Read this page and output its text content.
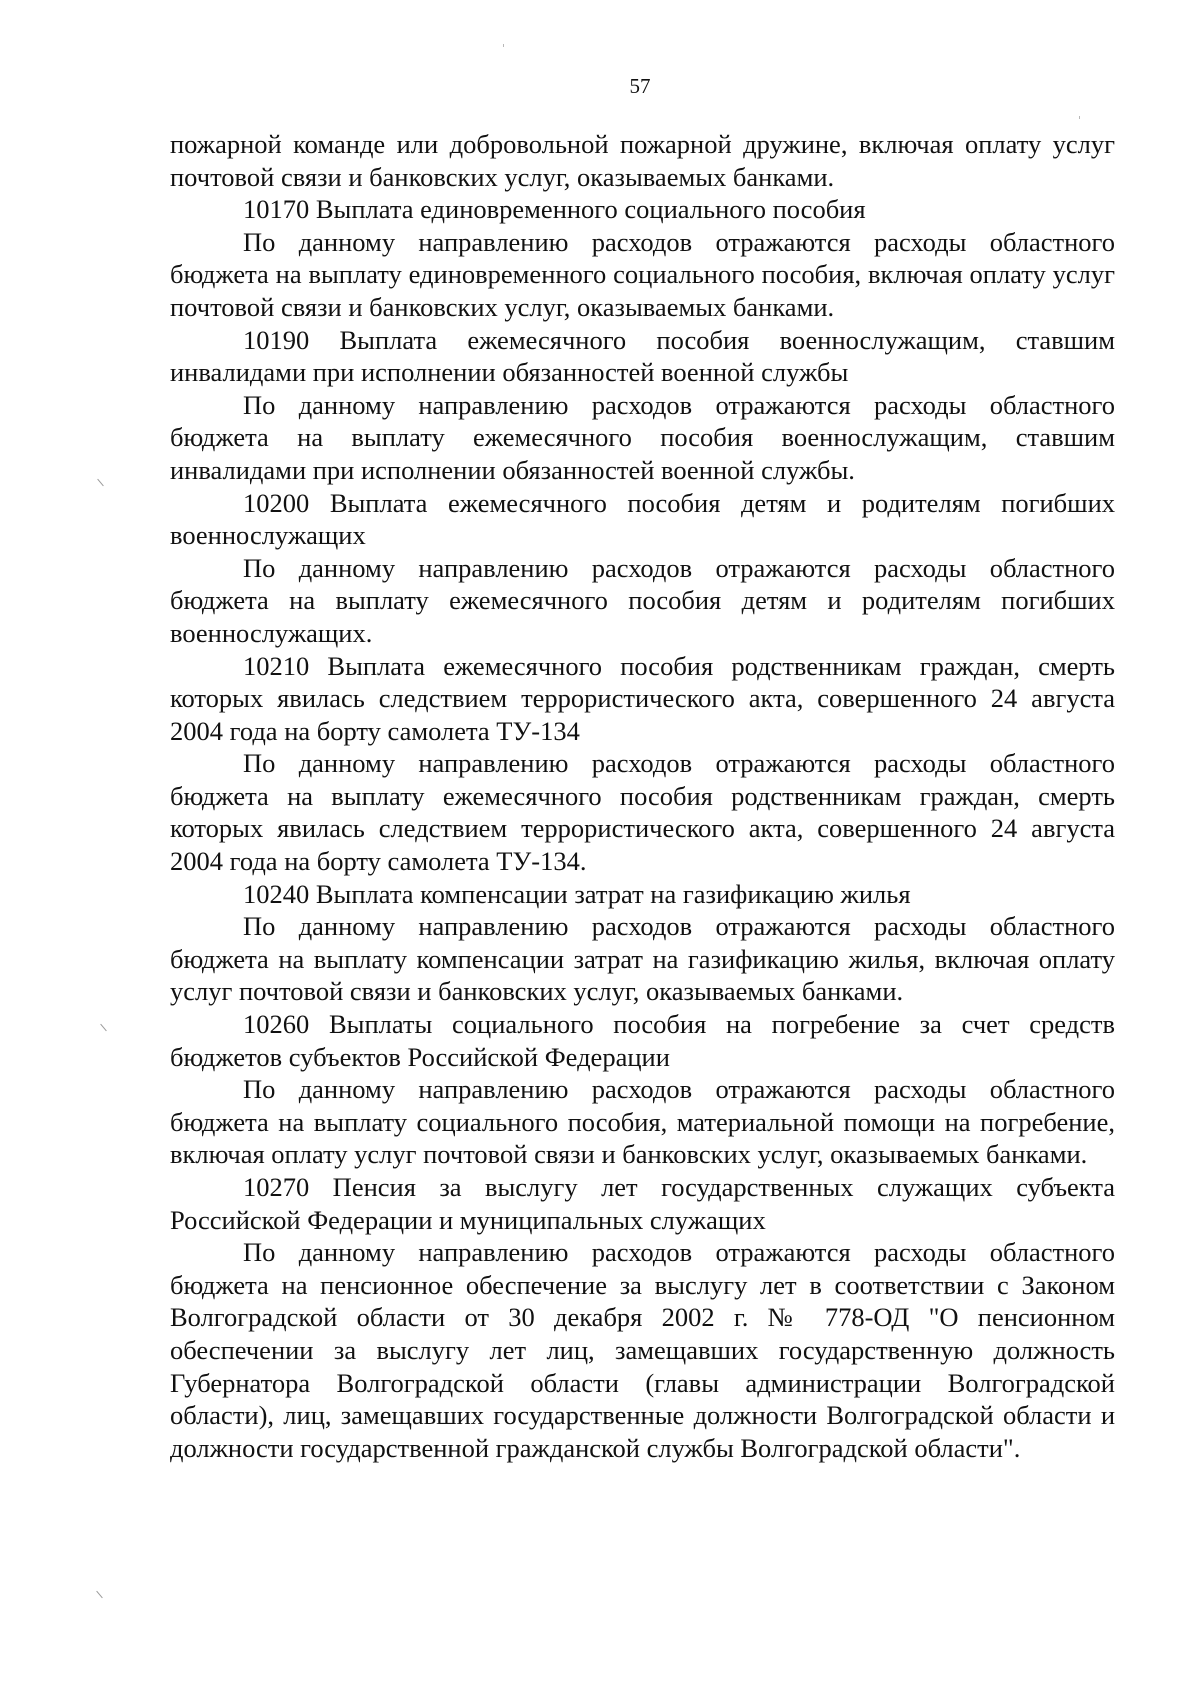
57

пожарной команде или добровольной пожарной дружине, включая оплату услуг почтовой связи и банковских услуг, оказываемых банками.

10170 Выплата единовременного социального пособия

По данному направлению расходов отражаются расходы областного бюджета на выплату единовременного социального пособия, включая оплату услуг почтовой связи и банковских услуг, оказываемых банками.

10190 Выплата ежемесячного пособия военнослужащим, ставшим инвалидами при исполнении обязанностей военной службы

По данному направлению расходов отражаются расходы областного бюджета на выплату ежемесячного пособия военнослужащим, ставшим инвалидами при исполнении обязанностей военной службы.

10200 Выплата ежемесячного пособия детям и родителям погибших военнослужащих

По данному направлению расходов отражаются расходы областного бюджета на выплату ежемесячного пособия детям и родителям погибших военнослужащих.

10210 Выплата ежемесячного пособия родственникам граждан, смерть которых явилась следствием террористического акта, совершенного 24 августа 2004 года на борту самолета ТУ-134

По данному направлению расходов отражаются расходы областного бюджета на выплату ежемесячного пособия родственникам граждан, смерть которых явилась следствием террористического акта, совершенного 24 августа 2004 года на борту самолета ТУ-134.

10240 Выплата компенсации затрат на газификацию жилья

По данному направлению расходов отражаются расходы областного бюджета на выплату компенсации затрат на газификацию жилья, включая оплату услуг почтовой связи и банковских услуг, оказываемых банками.

10260 Выплаты социального пособия на погребение за счет средств бюджетов субъектов Российской Федерации

По данному направлению расходов отражаются расходы областного бюджета на выплату социального пособия, материальной помощи на погребение, включая оплату услуг почтовой связи и банковских услуг, оказываемых банками.

10270 Пенсия за выслугу лет государственных служащих субъекта Российской Федерации и муниципальных служащих

По данному направлению расходов отражаются расходы областного бюджета на пенсионное обеспечение за выслугу лет в соответствии с Законом Волгоградской области от 30 декабря 2002 г. № 778-ОД "О пенсионном обеспечении за выслугу лет лиц, замещавших государственную должность Губернатора Волгоградской области (главы администрации Волгоградской области), лиц, замещавших государственные должности Волгоградской области и должности государственной гражданской службы Волгоградской области".
